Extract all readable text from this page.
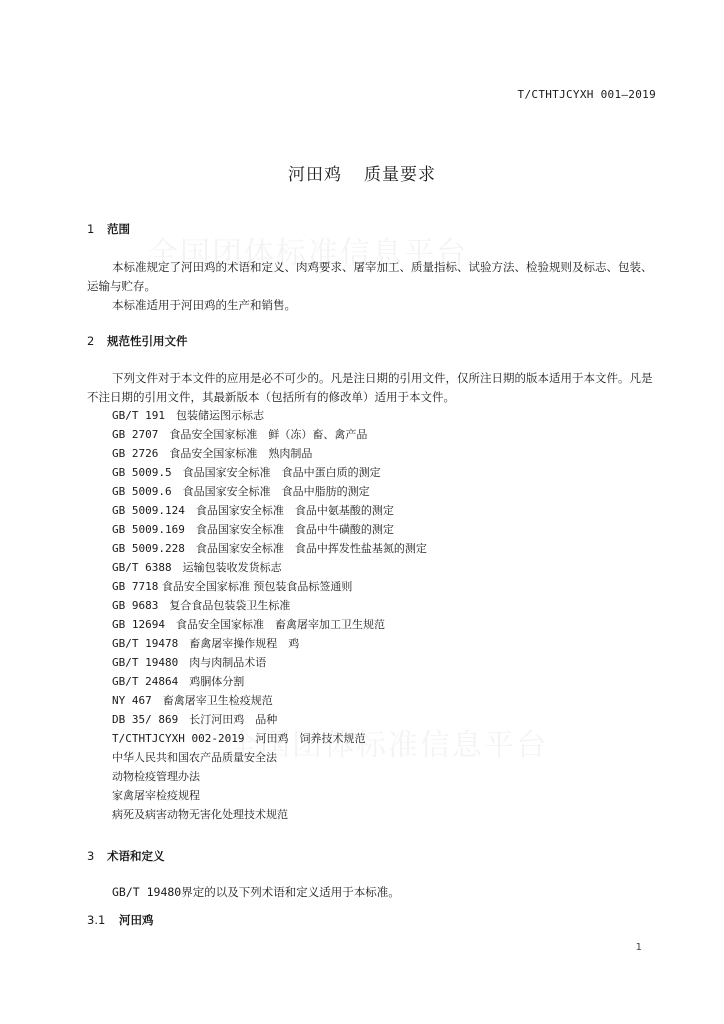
T/CTHTJCYXH 001—2019
河田鸡 质量要求
1 范围
本标准规定了河田鸡的术语和定义、肉鸡要求、屠宰加工、质量指标、试验方法、检验规则及标志、包装、运输与贮存。
本标准适用于河田鸡的生产和销售。
2 规范性引用文件
下列文件对于本文件的应用是必不可少的。凡是注日期的引用文件，仅所注日期的版本适用于本文件。凡是不注日期的引用文件，其最新版本（包括所有的修改单）适用于本文件。
GB/T 191　 包装储运图示标志
GB 2707　 食品安全国家标准　鲜（冻）畜、禽产品
GB 2726　 食品安全国家标准　熟肉制品
GB 5009.5　 食品国家安全标准　食品中蛋白质的测定
GB 5009.6　 食品国家安全标准　食品中脂肪的测定
GB 5009.124　 食品国家安全标准　食品中氨基酸的测定
GB 5009.169　 食品国家安全标准　食品中牛磺酸的测定
GB 5009.228　 食品国家安全标准　食品中挥发性盐基氮的测定
GB/T 6388　 运输包装收发货标志
GB 7718 食品安全国家标准 预包装食品标签通则
GB 9683　 复合食品包装袋卫生标准
GB 12694　 食品安全国家标准　畜禽屠宰加工卫生规范
GB/T 19478　 畜禽屠宰操作规程　鸡
GB/T 19480　 肉与肉制品术语
GB/T 24864　 鸡胴体分割
NY 467　 畜禽屠宰卫生检疫规范
DB 35/ 869　 长汀河田鸡　品种
T/CTHTJCYXH 002-2019　 河田鸡　饲养技术规范
中华人民共和国农产品质量安全法
动物检疫管理办法
家禽屠宰检疫规程
病死及病害动物无害化处理技术规范
3 术语和定义
GB/T 19480界定的以及下列术语和定义适用于本标准。
3.1 河田鸡
1
